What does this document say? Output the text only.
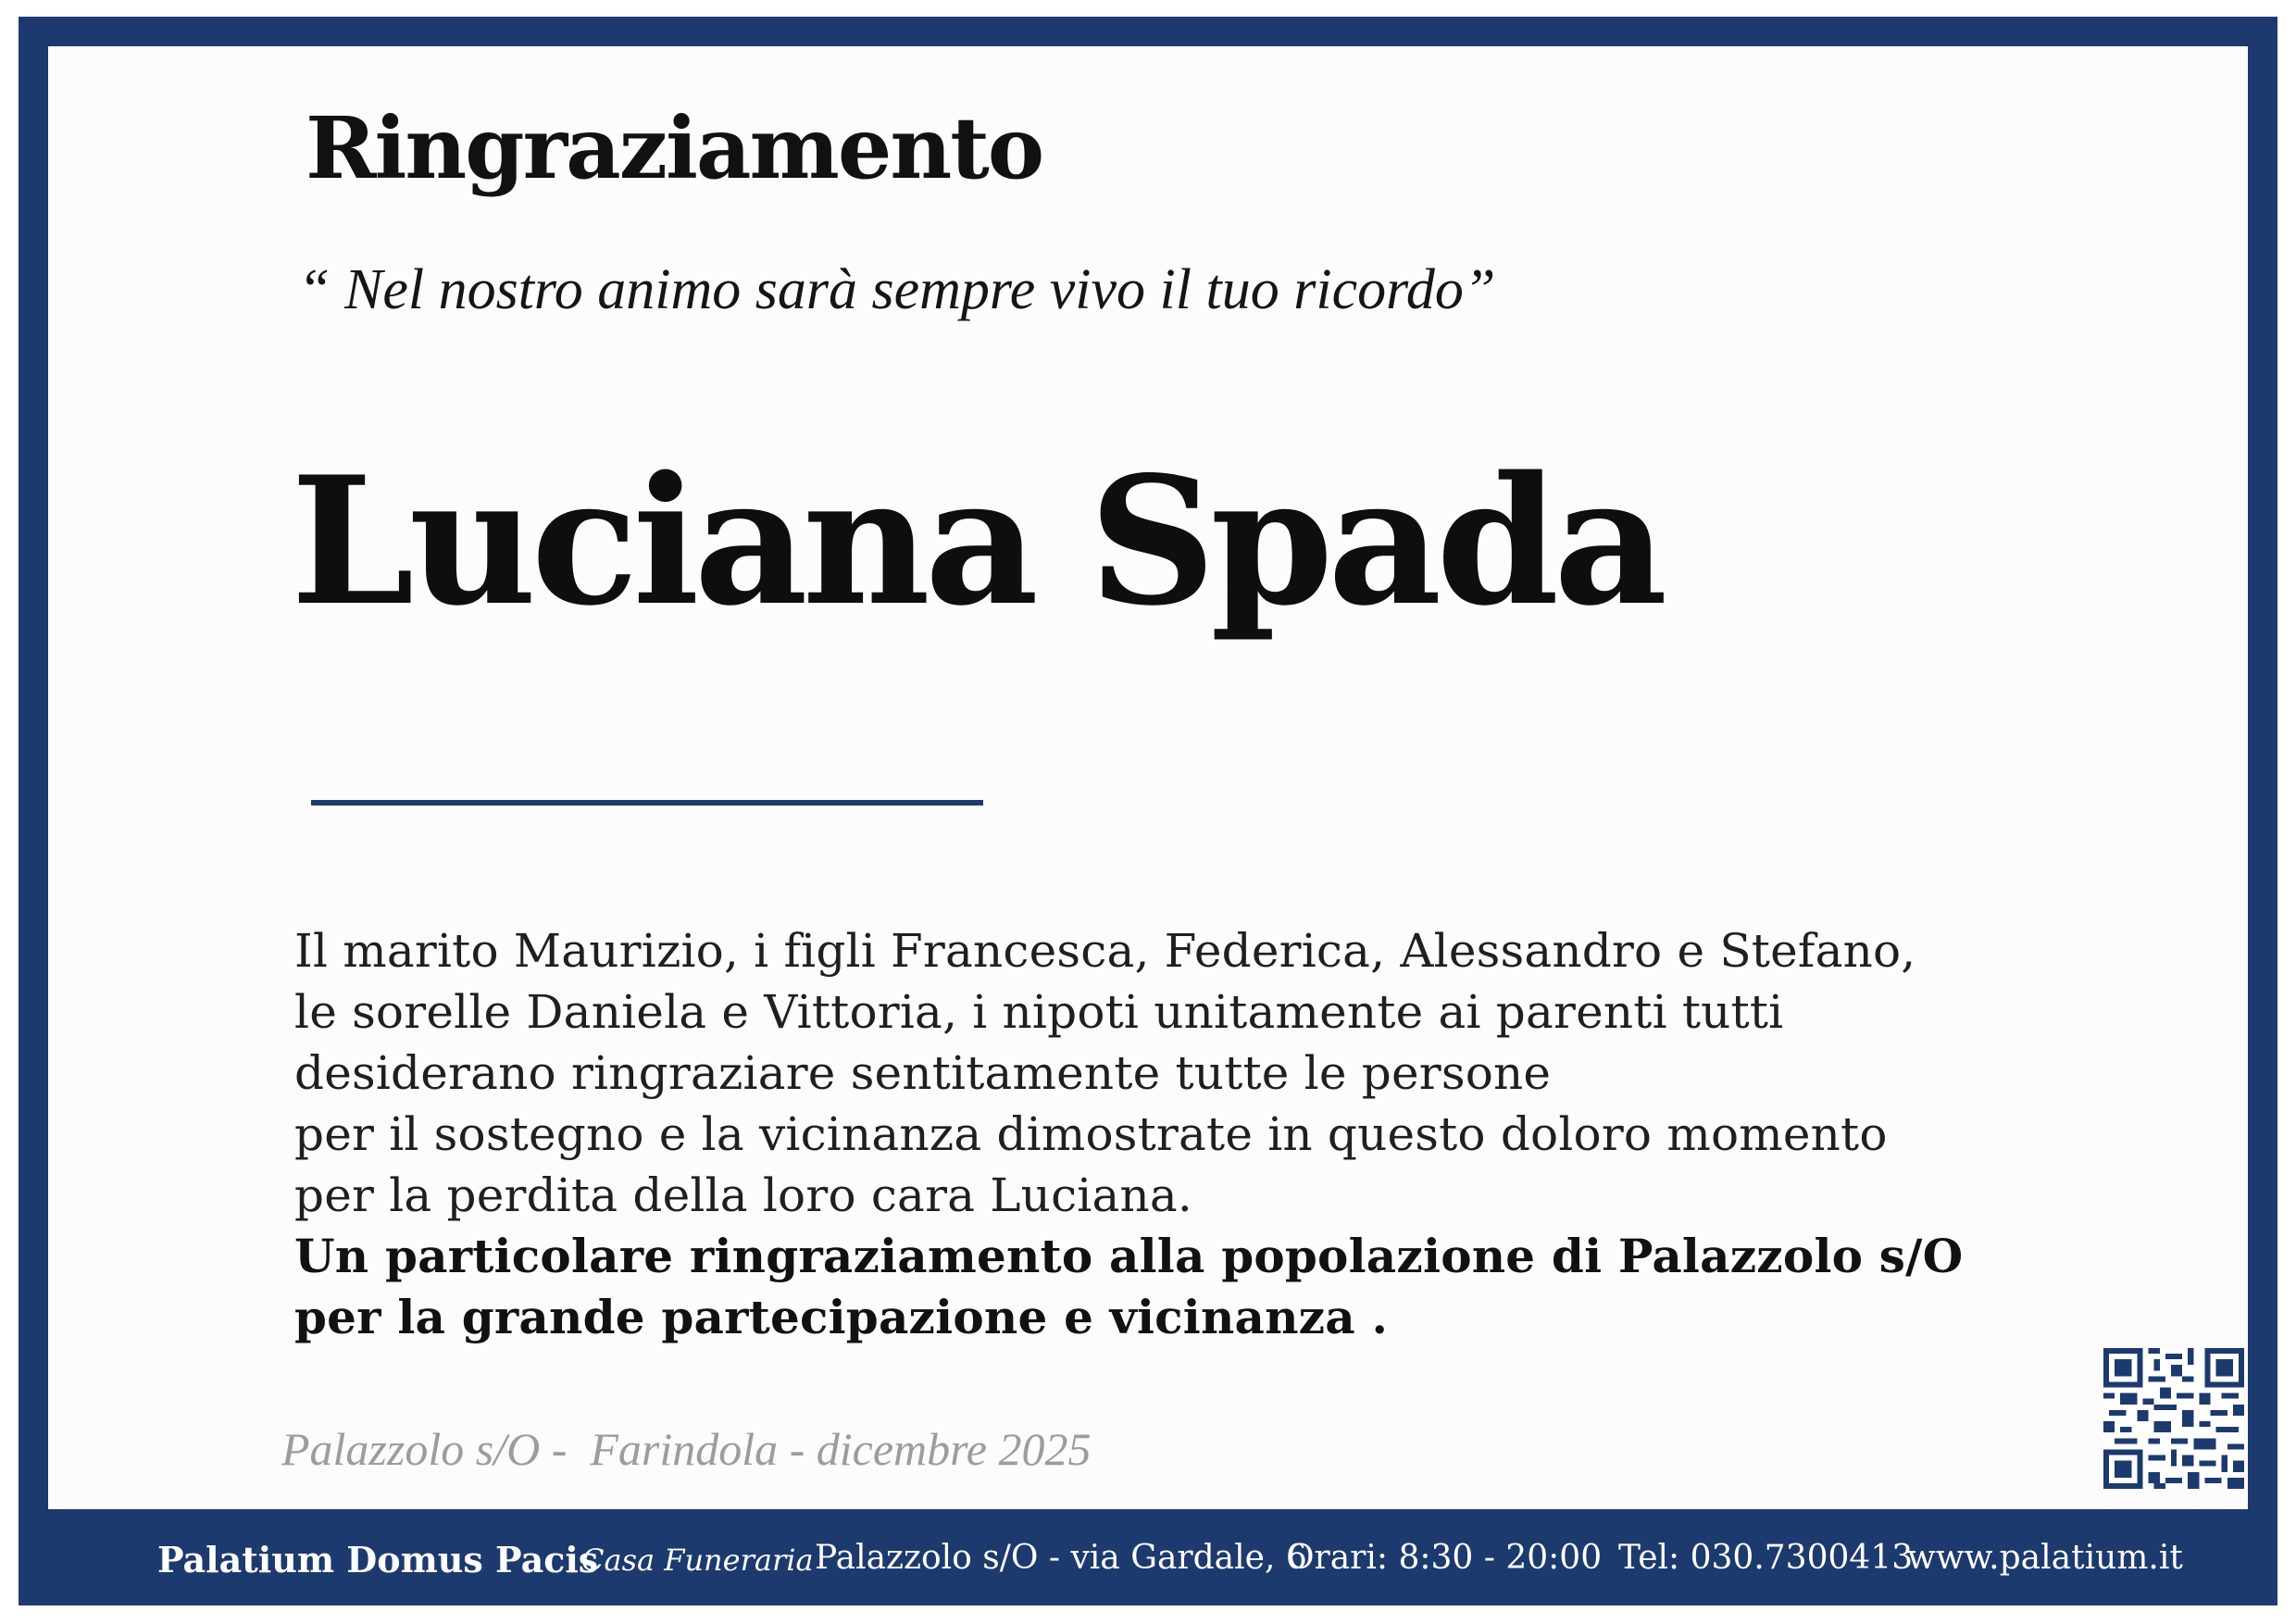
Ringraziamento
“ Nel nostro animo sarà sempre vivo il tuo ricordo”
Luciana Spada
Il marito Maurizio, i figli Francesca, Federica, Alessandro e Stefano,
le sorelle Daniela e Vittoria, i nipoti unitamente ai parenti tutti
desiderano ringraziare sentitamente tutte le persone
per il sostegno e la vicinanza dimostrate in questo doloro momento
per la perdita della loro cara Luciana.
Un particolare ringraziamento alla popolazione di Palazzolo s/O
per la grande partecipazione e vicinanza .
Palazzolo s/O -  Farindola - dicembre 2025
Palatium Domus Pacis
Casa Funeraria Palazzolo s/O - via Gardale, 6
Orari: 8:30 - 20:00 Tel: 030.7300413
www.palatium.it
